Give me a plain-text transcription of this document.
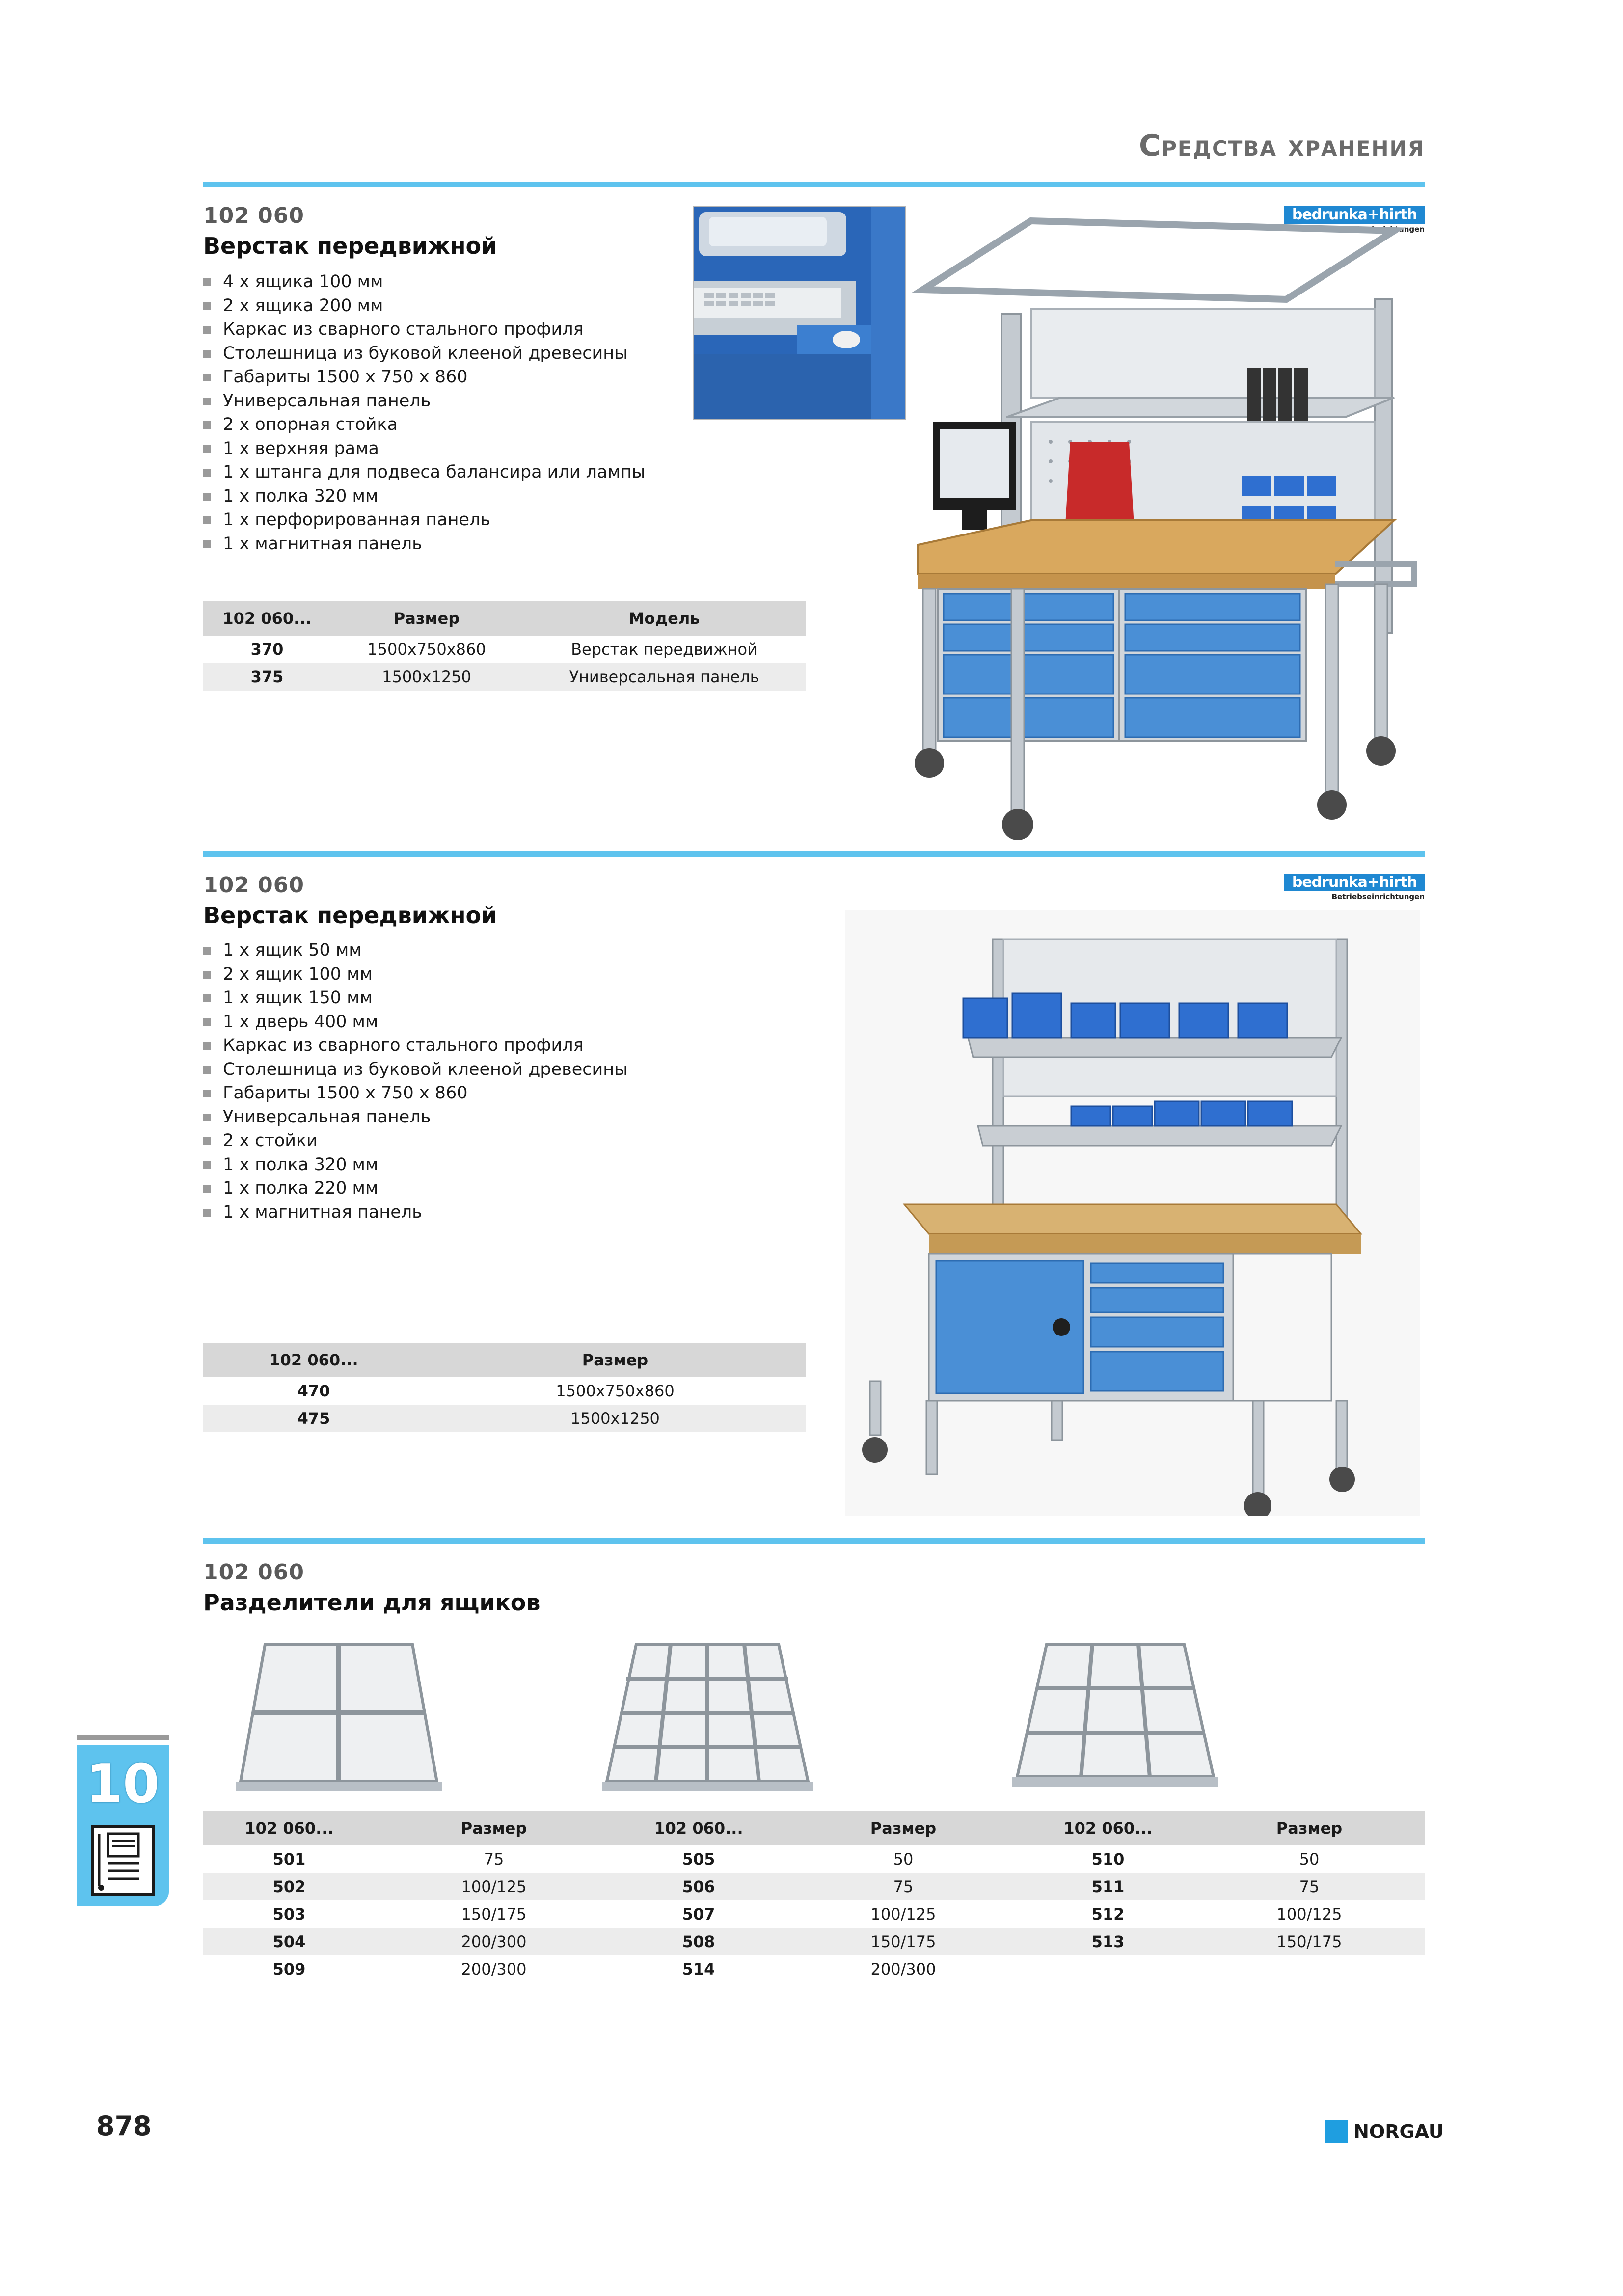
Средства хранения
102 060
Верстак передвижной
4 x ящика 100 мм
2 x ящика 200 мм
Каркас из сварного стального профиля
Столешница из буковой клееной древесины
Габариты 1500 x 750 x 860
Универсальная панель
2 x опорная стойка
1 x верхняя рама
1 x штанга для подвеса балансира или лампы
1 x полка 320 мм
1 x перфорированная панель
1 x магнитная панель
bedrunka+hirth
Betriebseinrichtungen
102 060...	Размер	Модель
370	1500x750x860	Верстак передвижной
375	1500x1250	Универсальная панель
102 060
Верстак передвижной
1 x ящик 50 мм
2 x ящик 100 мм
1 x ящик 150 мм
1 x дверь 400 мм
Каркас из сварного стального профиля
Столешница из буковой клееной древесины
Габариты 1500 x 750 x 860
Универсальная панель
2 x стойки
1 x полка 320 мм
1 x полка 220 мм
1 x магнитная панель
bedrunka+hirth
Betriebseinrichtungen
102 060...	Размер
470	1500x750x860
475	1500x1250
102 060
Разделители для ящиков
102 060...	Размер	102 060...	Размер	102 060...	Размер
501	75	505	50	510	50
502	100/125	506	75	511	75
503	150/175	507	100/125	512	100/125
504	200/300	508	150/175	513	150/175
509	200/300	514	200/300		
10
878	NORGAU
